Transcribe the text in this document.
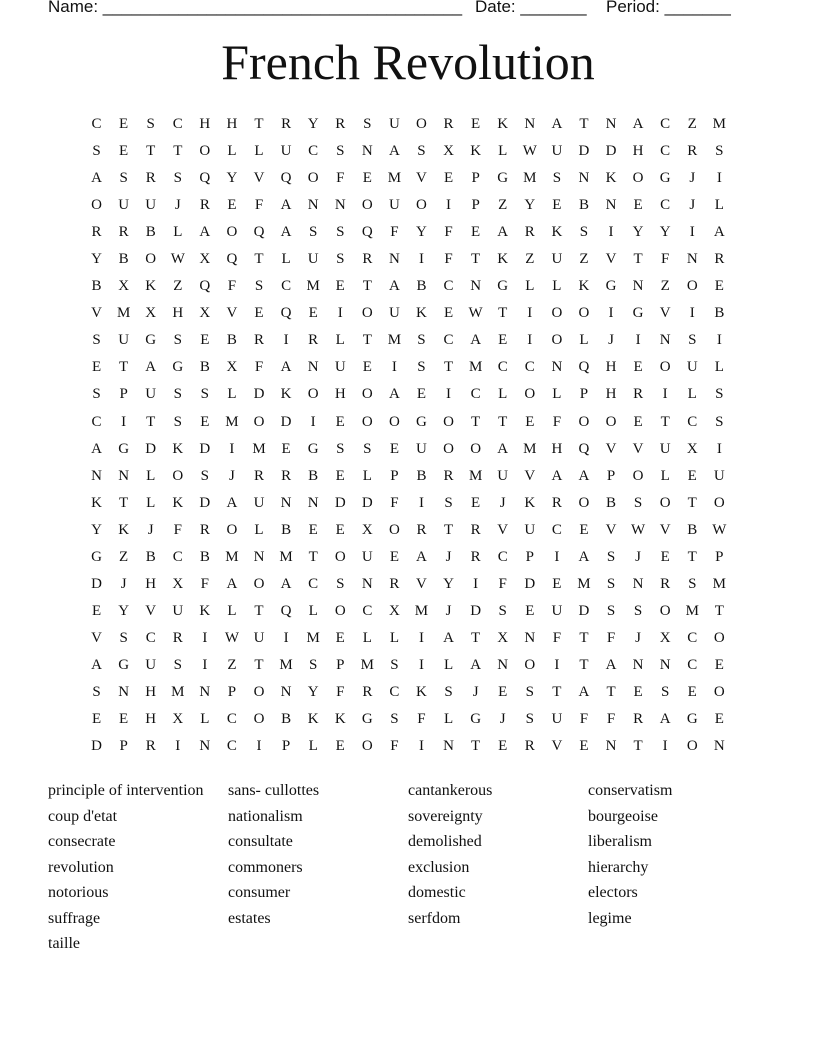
Name: ______________________________________ Date: _______ Period: _______
French Revolution
C	E	S	C	H	H	T	R	Y	R	S	U	O	R	E	K	N	A	T	N	A	C	Z	M
S	E	T	T	O	L	L	U	C	S	N	A	S	X	K	L	W U	D	D	H	C	R	S
A	S	R	S	Q	Y	V	Q	O	F	E	M V	E	P	G M	S	N	K	O	G	J	I
O	U	U	J	R	E	F	A	N	N	O	U	O	I	P	Z	Y	E	B	N	E	C	J	L
R	R	B	L	A	O	Q	A	S	S	Q	F	Y	F	E	A	R	K	S	I	Y	Y	I	A
Y	B	O W X	Q	T	L	U	S	R	N	I	F	T	K	Z	U	Z	V	T	F	N	R
B	X	K	Z	Q	F	S	C	M	E	T	A	B	C	N	G	L	L	K	G	N	Z	O	E
V M X	H	X	V	E	Q	E	I	O	U	K	E	W	T	I	O	O	I	G	V	I	B
S	U	G	S	E	B	R	I	R	L	T	M	S	C	A	E	I	O	L	J	I	N	S	I
E	T	A	G	B	X	F	A	N	U	E	I	S	T	M	C	C	N	Q	H	E	O	U	L
S	P	U	S	S	L	D	K	O	H	O	A	E	I	C	L	O	L	P	H	R	I	L	S
C	I	T	S	E	M O	D	I	E	O	O	G	O	T	T	E	F	O	O	E	T	C	S
A	G	D	K	D	I	M	E	G	S	S	E	U	O	O	A M H	Q	V	V	U	X	I
N	N	L	O	S	J	R	R	B	E	L	P	B	R	M U	V	A	A	P	O	L	E	U
K	T	L	K	D	A	U	N	N	D	D	F	I	S	E	J	K	R	O	B	S	O	T	O
Y	K	J	F	R	O	L	B	E	E	X	O	R	T	R	V	U	C	E	V W V	B W
G	Z	B	C	B	M N M	T	O	U	E	A	J	R	C	P	I	A	S	J	E	T	P
D	J	H	X	F	A	O	A	C	S	N	R	V	Y	I	F	D	E	M	S	N	R	S	M
E	Y	V	U	K	L	T	Q	L	O	C	X M	J	D	S	E	U	D	S	S	O M	T
V	S	C	R	I	W U	I	M	E	L	L	I	A	T	X	N	F	T	F	J	X	C	O
A	G	U	S	I	Z	T	M	S	P	M	S	I	L	A	N	O	I	T	A	N	N	C	E
S	N	H M N	P	O	N	Y	F	R	C	K	S	J	E	S	T	A	T	E	S	E	O
E	E	H	X	L	C	O	B	K	K	G	S	F	L	G	J	S	U	F	F	R	A	G	E
D	P	R	I	N	C	I	P	L	E	O	F	I	N	T	E	R	V	E	N	T	I	O	N
principle of intervention
coup d'etat
consecrate
revolution
notorious
suffrage
taille
sans- cullottes
nationalism
consultate
commoners
consumer
estates
cantankerous
sovereignty
demolished
exclusion
domestic
serfdom
conservatism
bourgeoise
liberalism
hierarchy
electors
legime
